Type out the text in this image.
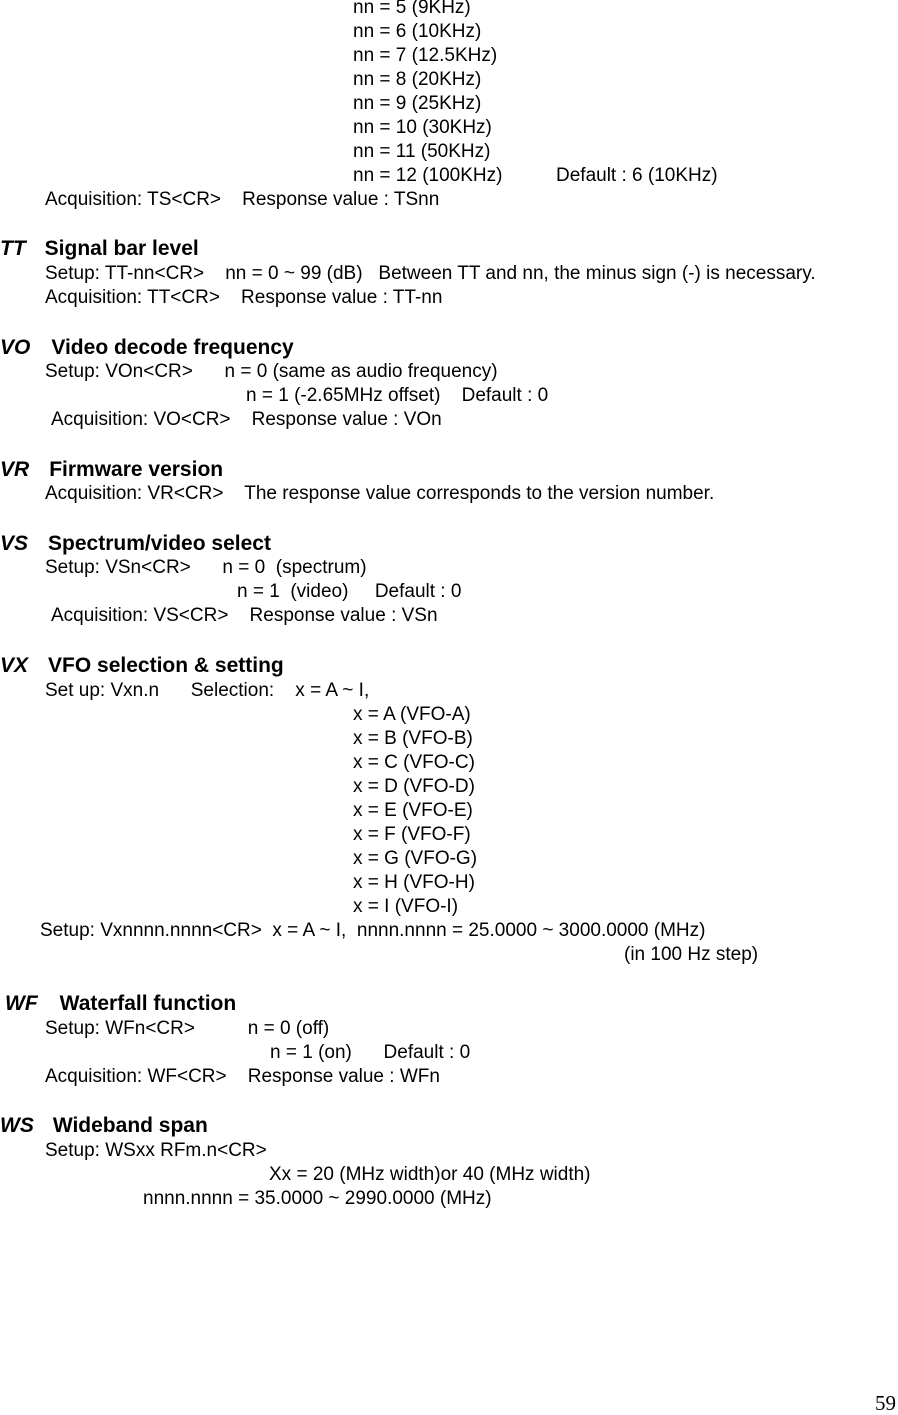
nn = 5 (9KHz)
nn = 6 (10KHz)
nn = 7 (12.5KHz)
nn = 8 (20KHz)
nn = 9 (25KHz)
nn = 10 (30KHz)
nn = 11 (50KHz)
nn = 12 (100KHz)	Default : 6 (10KHz)
Acquisition: TS<CR>    Response value : TSnn
TT Signal bar level
Setup: TT-nn<CR>    nn = 0 ~ 99 (dB)   Between TT and nn, the minus sign (-) is necessary.
Acquisition: TT<CR>    Response value : TT-nn
VO Video decode frequency
Setup: VOn<CR>      n = 0 (same as audio frequency)
n = 1 (-2.65MHz offset)    Default : 0
Acquisition: VO<CR>    Response value : VOn
VR Firmware version
Acquisition: VR<CR>    The response value corresponds to the version number.
VS Spectrum/video select
Setup: VSn<CR>      n = 0  (spectrum)
n = 1  (video)     Default : 0
Acquisition: VS<CR>    Response value : VSn
VX VFO selection & setting
Set up: Vxn.n      Selection:    x = A ~ I,
x = A (VFO-A)
x = B (VFO-B)
x = C (VFO-C)
x = D (VFO-D)
x = E (VFO-E)
x = F (VFO-F)
x = G (VFO-G)
x = H (VFO-H)
x = I (VFO-I)
Setup: Vxnnnn.nnnn<CR>  x = A ~ I,  nnnn.nnnn = 25.0000 ~ 3000.0000 (MHz)
(in 100 Hz step)
WF Waterfall function
Setup: WFn<CR>          n = 0 (off)
n = 1 (on)      Default : 0
Acquisition: WF<CR>    Response value : WFn
WS Wideband span
Setup: WSxx RFm.n<CR>
Xx = 20 (MHz width)or 40 (MHz width)
nnnn.nnnn = 35.0000 ~ 2990.0000 (MHz)
59
